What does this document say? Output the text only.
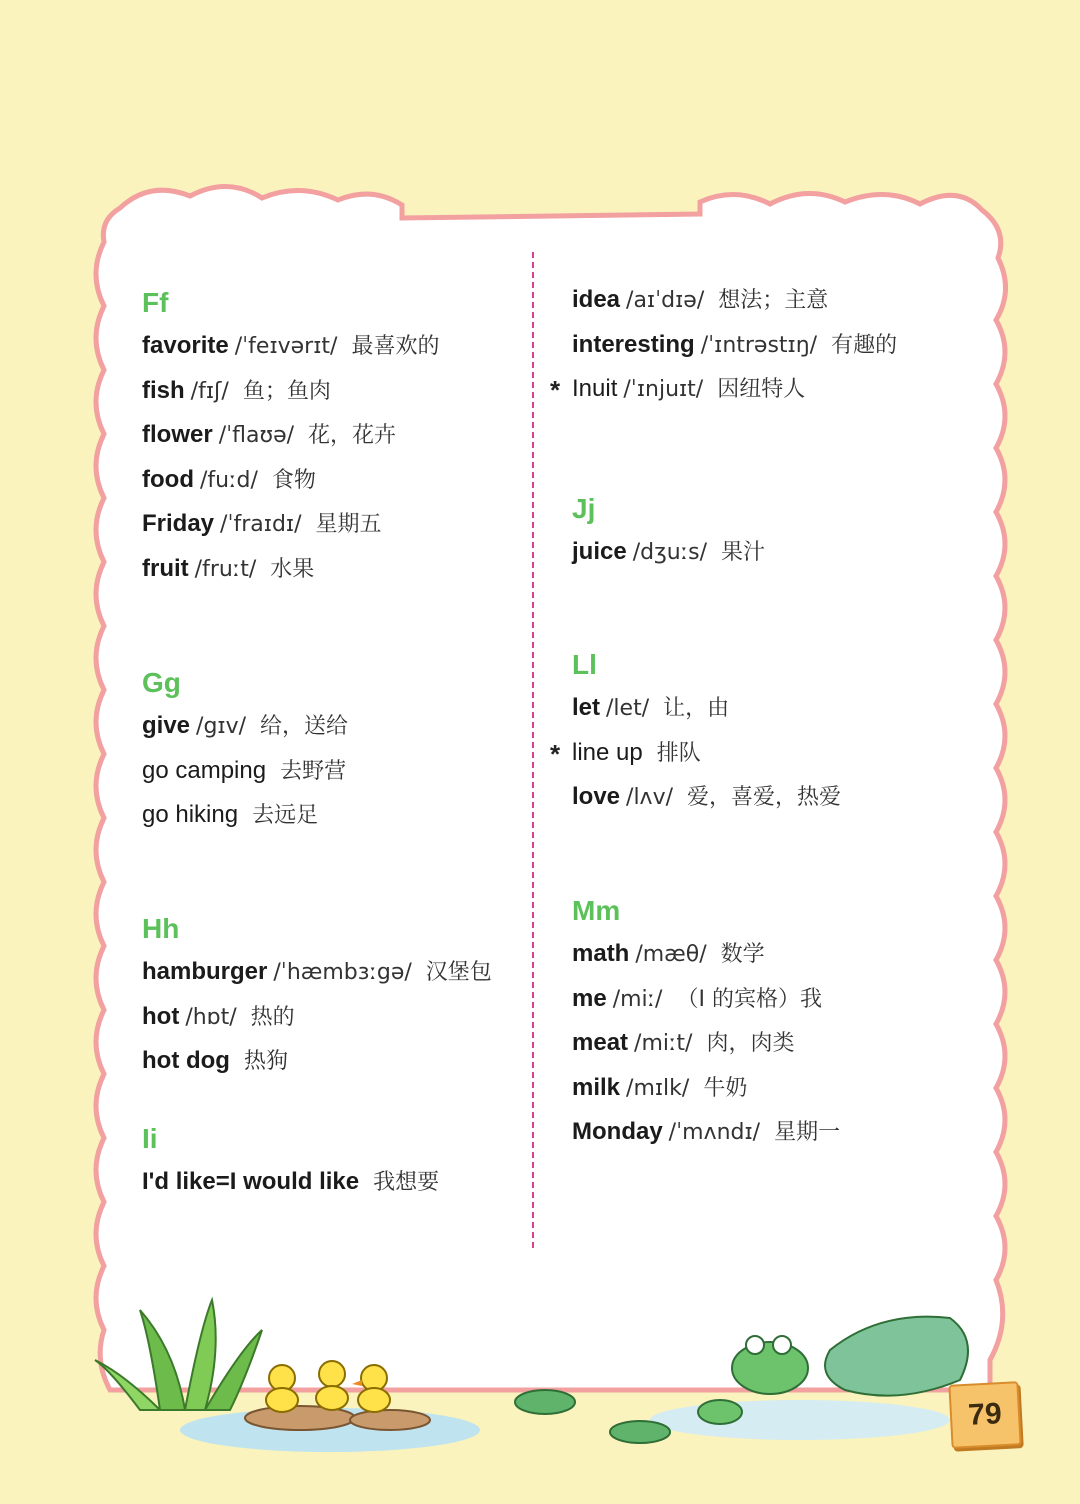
Ff
favorite /ˈfeɪvərɪt/ 最喜欢的
fish /fɪʃ/ 鱼；鱼肉
flower /ˈflaʊə/ 花，花卉
food /fuːd/ 食物
Friday /ˈfraɪdɪ/ 星期五
fruit /fruːt/ 水果
Gg
give /gɪv/ 给，送给
go camping 去野营
go hiking 去远足
Hh
hamburger /ˈhæmbɜːgə/ 汉堡包
hot /hɒt/ 热的
hot dog 热狗
Ii
I'd like=I would like 我想要
idea /aɪˈdɪə/ 想法；主意
interesting /ˈɪntrəstɪŋ/ 有趣的
* Inuit /ˈɪnjuɪt/ 因纽特人
Jj
juice /dʒuːs/ 果汁
Ll
let /let/ 让，由
* line up 排队
love /lʌv/ 爱，喜爱，热爱
Mm
math /mæθ/ 数学
me /miː/ （I 的宾格）我
meat /miːt/ 肉，肉类
milk /mɪlk/ 牛奶
Monday /ˈmʌndɪ/ 星期一
79
